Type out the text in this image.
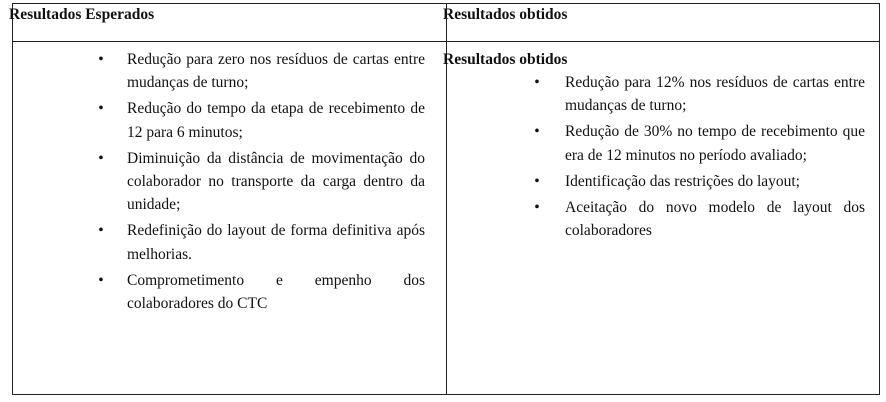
Resultados Esperados	Resultados obtidos
• Redução para zero nos resíduos de cartas entre mudanças de turno;
• Redução do tempo da etapa de recebimento de 12 para 6 minutos;
• Diminuição da distância de movimentação do colaborador no transporte da carga dentro da unidade;
• Redefinição do layout de forma definitiva após melhorias.
• Comprometimento e empenho dos colaboradores do CTC
Resultados obtidos
• Redução para 12% nos resíduos de cartas entre mudanças de turno;
• Redução de 30% no tempo de recebimento que era de 12 minutos no período avaliado;
• Identificação das restrições do layout;
• Aceitação do novo modelo de layout dos colaboradores
